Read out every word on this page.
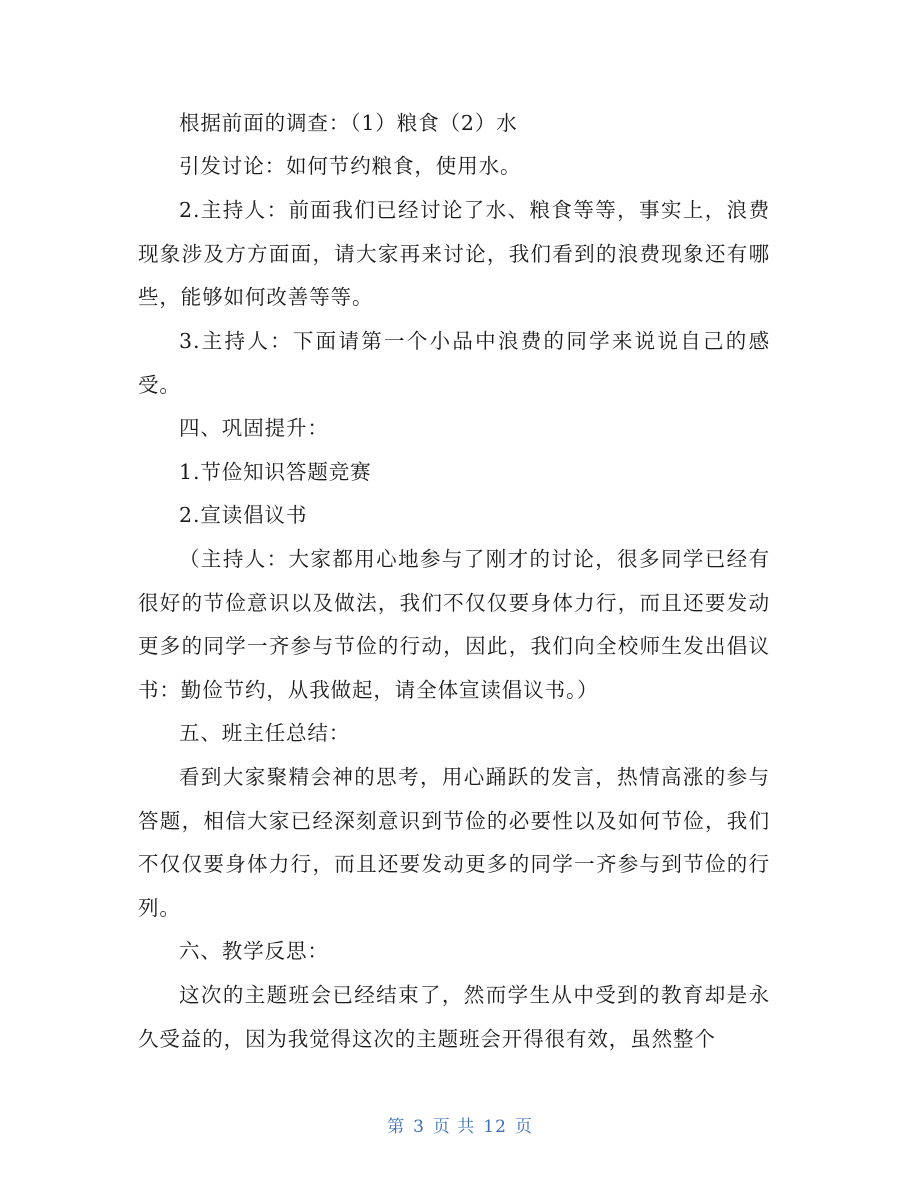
根据前面的调查：（1）粮食（2）水

引发讨论：如何节约粮食，使用水。

2.主持人：前面我们已经讨论了水、粮食等等，事实上，浪费现象涉及方方面面，请大家再来讨论，我们看到的浪费现象还有哪些，能够如何改善等等。

3.主持人：下面请第一个小品中浪费的同学来说说自己的感受。

四、巩固提升：

1.节俭知识答题竞赛

2.宣读倡议书

（主持人：大家都用心地参与了刚才的讨论，很多同学已经有很好的节俭意识以及做法，我们不仅仅要身体力行，而且还要发动更多的同学一齐参与节俭的行动，因此，我们向全校师生发出倡议书：勤俭节约，从我做起，请全体宣读倡议书。）

五、班主任总结：

看到大家聚精会神的思考，用心踊跃的发言，热情高涨的参与答题，相信大家已经深刻意识到节俭的必要性以及如何节俭，我们不仅仅要身体力行，而且还要发动更多的同学一齐参与到节俭的行列。

六、教学反思：

这次的主题班会已经结束了，然而学生从中受到的教育却是永久受益的，因为我觉得这次的主题班会开得很有效，虽然整个

第 3 页 共 12 页
